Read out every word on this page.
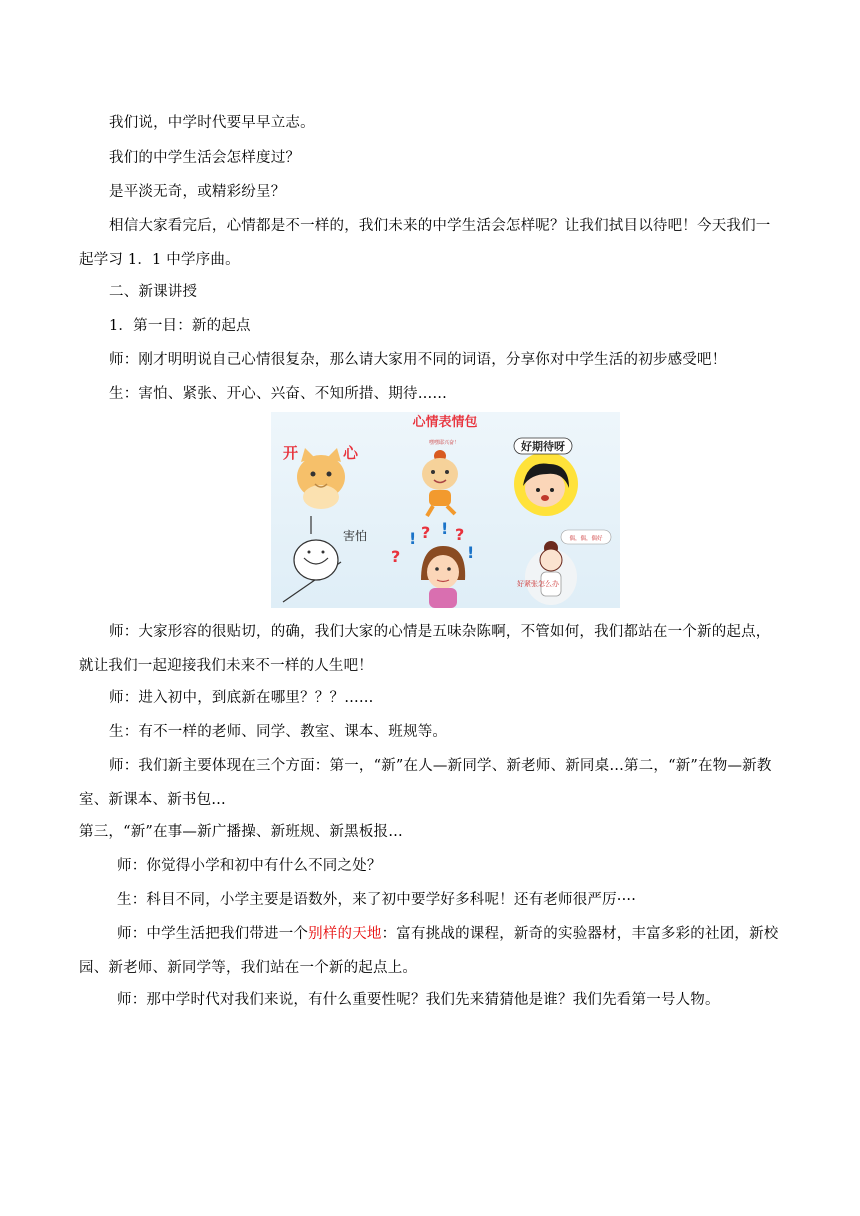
我们说，中学时代要早早立志。

我们的中学生活会怎样度过？

是平淡无奇，或精彩纷呈？

相信大家看完后，心情都是不一样的，我们未来的中学生活会怎样呢？让我们拭目以待吧！今天我们一起学习 1．1 中学序曲。

二、新课讲授

1．第一目：新的起点

师：刚才明明说自己心情很复杂，那么请大家用不同的词语，分享你对中学生活的初步感受吧！

生：害怕、紧张、开心、兴奋、不知所措、期待……

心情表情包
开	心
嘿嘿耶兴奋！	好期待呀
害怕
?
! ? ! ?
!
好紧张怎么办
偶，偶，偶好

师：大家形容的很贴切，的确，我们大家的心情是五味杂陈啊，不管如何，我们都站在一个新的起点，就让我们一起迎接我们未来不一样的人生吧！

师：进入初中，到底新在哪里？？？……

生：有不一样的老师、同学、教室、课本、班规等。

师：我们新主要体现在三个方面：第一，“新”在人—新同学、新老师、新同桌…第二，“新”在物—新教室、新课本、新书包…

第三，“新”在事—新广播操、新班规、新黑板报…

师：你觉得小学和初中有什么不同之处？

生：科目不同，小学主要是语数外，来了初中要学好多科呢！还有老师很严厉····

师：中学生活把我们带进一个别样的天地：富有挑战的课程，新奇的实验器材，丰富多彩的社团，新校园、新老师、新同学等，我们站在一个新的起点上。

师：那中学时代对我们来说，有什么重要性呢？我们先来猜猜他是谁？我们先看第一号人物。
